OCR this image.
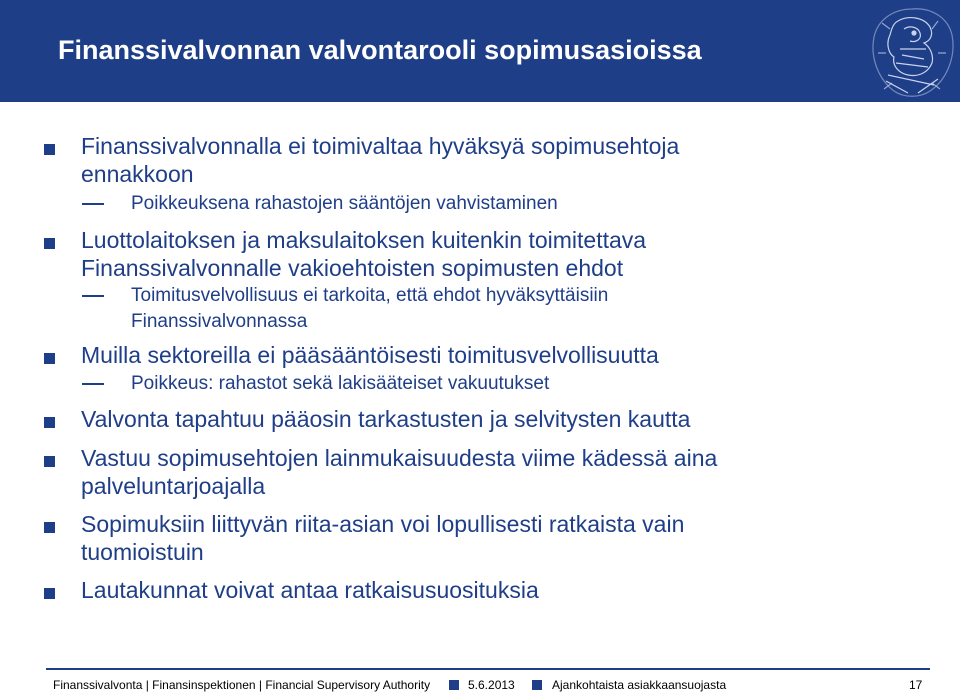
Finanssivalvonnan valvontarooli sopimusasioissa
Finanssivalvonnalla ei toimivaltaa hyväksyä sopimusehtoja
ennakkoon
Poikkeuksena rahastojen sääntöjen vahvistaminen
Luottolaitoksen ja maksulaitoksen kuitenkin toimitettava
Finanssivalvonnalle vakioehtoisten sopimusten ehdot
Toimitusvelvollisuus ei tarkoita, että ehdot hyväksyttäisiin
Finanssivalvonnassa
Muilla sektoreilla ei pääsääntöisesti toimitusvelvollisuutta
Poikkeus: rahastot sekä lakisääteiset vakuutukset
Valvonta tapahtuu pääosin tarkastusten ja selvitysten kautta
Vastuu sopimusehtojen lainmukaisuudesta viime kädessä aina
palveluntarjoajalla
Sopimuksiin liittyvän riita-asian voi lopullisesti ratkaista vain
tuomioistuin
Lautakunnat voivat antaa ratkaisusuosituksia
Finanssivalvonta | Finansinspektionen | Financial Supervisory Authority	5.6.2013	Ajankohtaista asiakkaansuojasta	17
